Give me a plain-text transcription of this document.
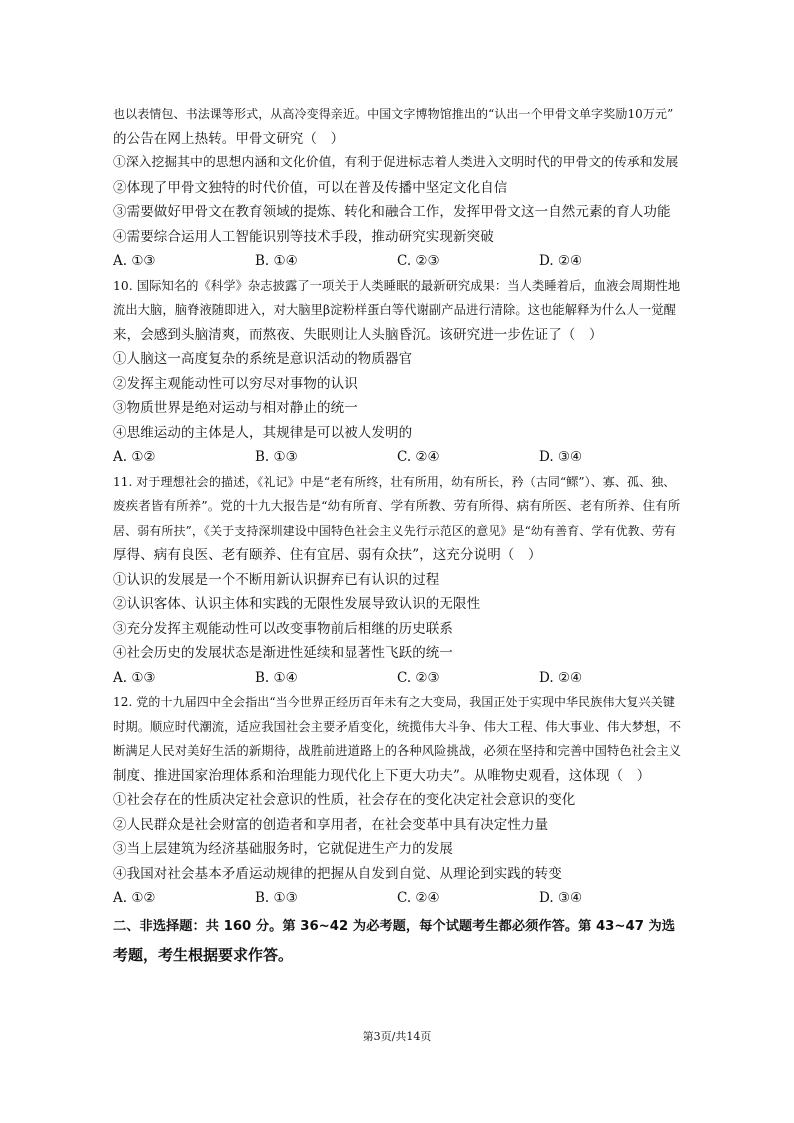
也以表情包、书法课等形式，从高冷变得亲近。中国文字博物馆推出的“认出一个甲骨文单字奖励10万元”
的公告在网上热转。甲骨文研究（　）
①深入挖掘其中的思想内涵和文化价值，有利于促进标志着人类进入文明时代的甲骨文的传承和发展
②体现了甲骨文独特的时代价值，可以在普及传播中坚定文化自信
③需要做好甲骨文在教育领域的提炼、转化和融合工作，发挥甲骨文这一自然元素的育人功能
④需要综合运用人工智能识别等技术手段，推动研究实现新突破
A. ①③	B. ①④	C. ②③	D. ②④
10. 国际知名的《科学》杂志披露了一项关于人类睡眠的最新研究成果：当人类睡着后，血液会周期性地
流出大脑，脑脊液随即进入，对大脑里β淀粉样蛋白等代谢副产品进行清除。这也能解释为什么人一觉醒
来，会感到头脑清爽，而熬夜、失眠则让人头脑昏沉。该研究进一步佐证了（　）
①人脑这一高度复杂的系统是意识活动的物质器官
②发挥主观能动性可以穷尽对事物的认识
③物质世界是绝对运动与相对静止的统一
④思维运动的主体是人，其规律是可以被人发明的
A. ①②	B. ①③	C. ②④	D. ③④
11. 对于理想社会的描述，《礼记》中是“老有所终，壮有所用，幼有所长，矜（古同“鳏”）、寡、孤、独、
废疾者皆有所养”。党的十九大报告是“幼有所育、学有所教、劳有所得、病有所医、老有所养、住有所
居、弱有所扶”，《关于支持深圳建设中国特色社会主义先行示范区的意见》是“幼有善育、学有优教、劳有
厚得、病有良医、老有颐养、住有宜居、弱有众扶”，这充分说明（　）
①认识的发展是一个不断用新认识摒弃已有认识的过程
②认识客体、认识主体和实践的无限性发展导致认识的无限性
③充分发挥主观能动性可以改变事物前后相继的历史联系
④社会历史的发展状态是渐进性延续和显著性飞跃的统一
A. ①③	B. ①④	C. ②③	D. ②④
12. 党的十九届四中全会指出“当今世界正经历百年未有之大变局，我国正处于实现中华民族伟大复兴关键
时期。顺应时代潮流，适应我国社会主要矛盾变化，统揽伟大斗争、伟大工程、伟大事业、伟大梦想，不
断满足人民对美好生活的新期待，战胜前进道路上的各种风险挑战，必须在坚持和完善中国特色社会主义
制度、推进国家治理体系和治理能力现代化上下更大功夫”。从唯物史观看，这体现（　）
①社会存在的性质决定社会意识的性质，社会存在的变化决定社会意识的变化
②人民群众是社会财富的创造者和享用者，在社会变革中具有决定性力量
③当上层建筑为经济基础服务时，它就促进生产力的发展
④我国对社会基本矛盾运动规律的把握从自发到自觉、从理论到实践的转变
A. ①②	B. ①③	C. ②④	D. ③④
二、非选择题：共 160 分。第 36~42 为必考题，每个试题考生都必须作答。第 43~47 为选
考题，考生根据要求作答。
第3页/共14页
